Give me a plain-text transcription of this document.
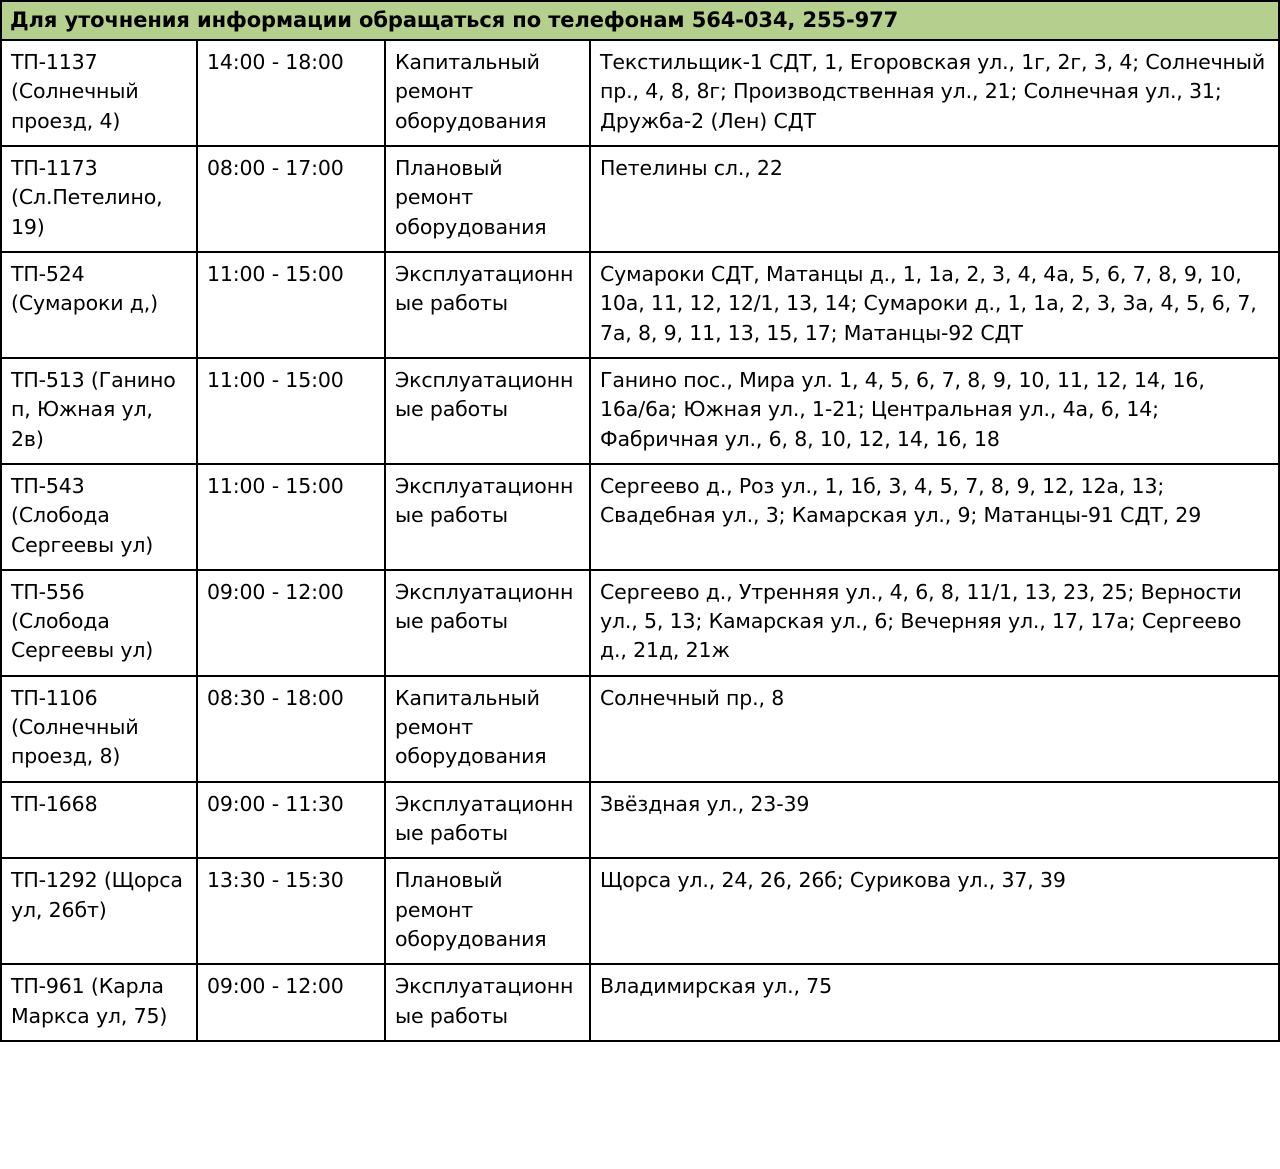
Для уточнения информации обращаться по телефонам 564-034, 255-977			
ТП-1137 (Солнечный проезд, 4)	14:00 - 18:00	Капитальный ремонт оборудования	Текстильщик-1 СДТ, 1, Егоровская ул., 1г, 2г, 3, 4; Солнечный пр., 4, 8, 8г; Производственная ул., 21; Солнечная ул., 31; Дружба-2 (Лен) СДТ
ТП-1173 (Сл.Петелино, 19)	08:00 - 17:00	Плановый ремонт оборудования	Петелины сл., 22
ТП-524 (Сумароки д,)	11:00 - 15:00	Эксплуатационные работы	Сумароки СДТ, Матанцы д., 1, 1а, 2, 3, 4, 4а, 5, 6, 7, 8, 9, 10, 10а, 11, 12, 12/1, 13, 14; Сумароки д., 1, 1а, 2, 3, 3а, 4, 5, 6, 7, 7а, 8, 9, 11, 13, 15, 17; Матанцы-92 СДТ
ТП-513 (Ганино п, Южная ул, 2в)	11:00 - 15:00	Эксплуатационные работы	Ганино пос., Мира ул. 1, 4, 5, 6, 7, 8, 9, 10, 11, 12, 14, 16, 16а/6а; Южная ул., 1-21; Центральная ул., 4а, 6, 14; Фабричная ул., 6, 8, 10, 12, 14, 16, 18
ТП-543 (Слобода Сергеевы ул)	11:00 - 15:00	Эксплуатационные работы	Сергеево д., Роз ул., 1, 1б, 3, 4, 5, 7, 8, 9, 12, 12а, 13; Свадебная ул., 3; Камарская ул., 9; Матанцы-91 СДТ, 29
ТП-556 (Слобода Сергеевы ул)	09:00 - 12:00	Эксплуатационные работы	Сергеево д., Утренняя ул., 4, 6, 8, 11/1, 13, 23, 25; Верности ул., 5, 13; Камарская ул., 6; Вечерняя ул., 17, 17а; Сергеево д., 21д, 21ж
ТП-1106 (Солнечный проезд, 8)	08:30 - 18:00	Капитальный ремонт оборудования	Солнечный пр., 8
ТП-1668	09:00 - 11:30	Эксплуатационные работы	Звёздная ул., 23-39
ТП-1292 (Щорса ул, 26бт)	13:30 - 15:30	Плановый ремонт оборудования	Щорса ул., 24, 26, 26б; Сурикова ул., 37, 39
ТП-961 (Карла Маркса ул, 75)	09:00 - 12:00	Эксплуатационные работы	Владимирская ул., 75
